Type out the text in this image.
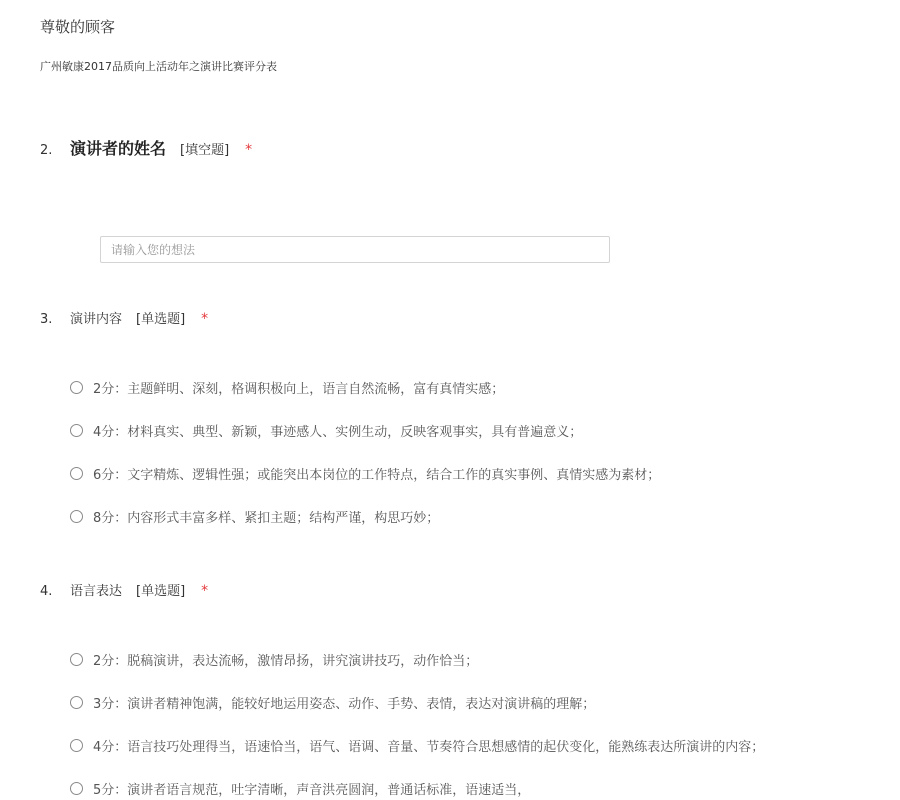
尊敬的顾客
广州敏康2017品质向上活动年之演讲比赛评分表
2.	演讲者的姓名 [填空题] *
请输入您的想法
3.	演讲内容 [单选题] *
2分：主题鲜明、深刻，格调积极向上，语言自然流畅，富有真情实感；
4分：材料真实、典型、新颖，事迹感人、实例生动，反映客观事实，具有普遍意义；
6分：文字精炼、逻辑性强；或能突出本岗位的工作特点，结合工作的真实事例、真情实感为素材；
8分：内容形式丰富多样、紧扣主题；结构严谨，构思巧妙；
4.	语言表达 [单选题] *
2分：脱稿演讲，表达流畅，激情昂扬，讲究演讲技巧，动作恰当；
3分：演讲者精神饱满，能较好地运用姿态、动作、手势、表情，表达对演讲稿的理解；
4分：语言技巧处理得当，语速恰当，语气、语调、音量、节奏符合思想感情的起伏变化，能熟练表达所演讲的内容；
5分：演讲者语言规范，吐字清晰，声音洪亮圆润，普通话标准，语速适当，
